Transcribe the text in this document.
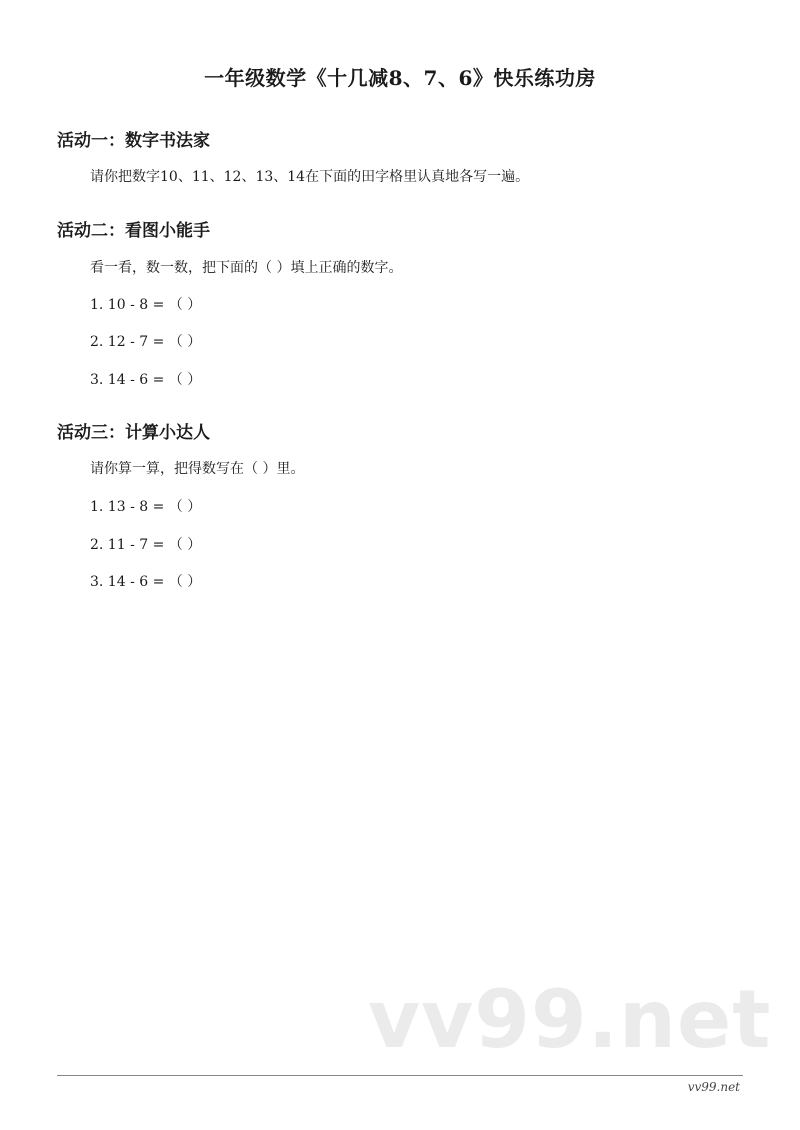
一年级数学《十几减8、7、6》快乐练功房
活动一：数字书法家
请你把数字10、11、12、13、14在下面的田字格里认真地各写一遍。
活动二：看图小能手
看一看，数一数，把下面的（ ）填上正确的数字。
1. 10 - 8 = （ ）
2. 12 - 7 = （ ）
3. 14 - 6 = （ ）
活动三：计算小达人
请你算一算，把得数写在（ ）里。
1. 13 - 8 = （ ）
2. 11 - 7 = （ ）
3. 14 - 6 = （ ）
vv99.net
vv99.net
